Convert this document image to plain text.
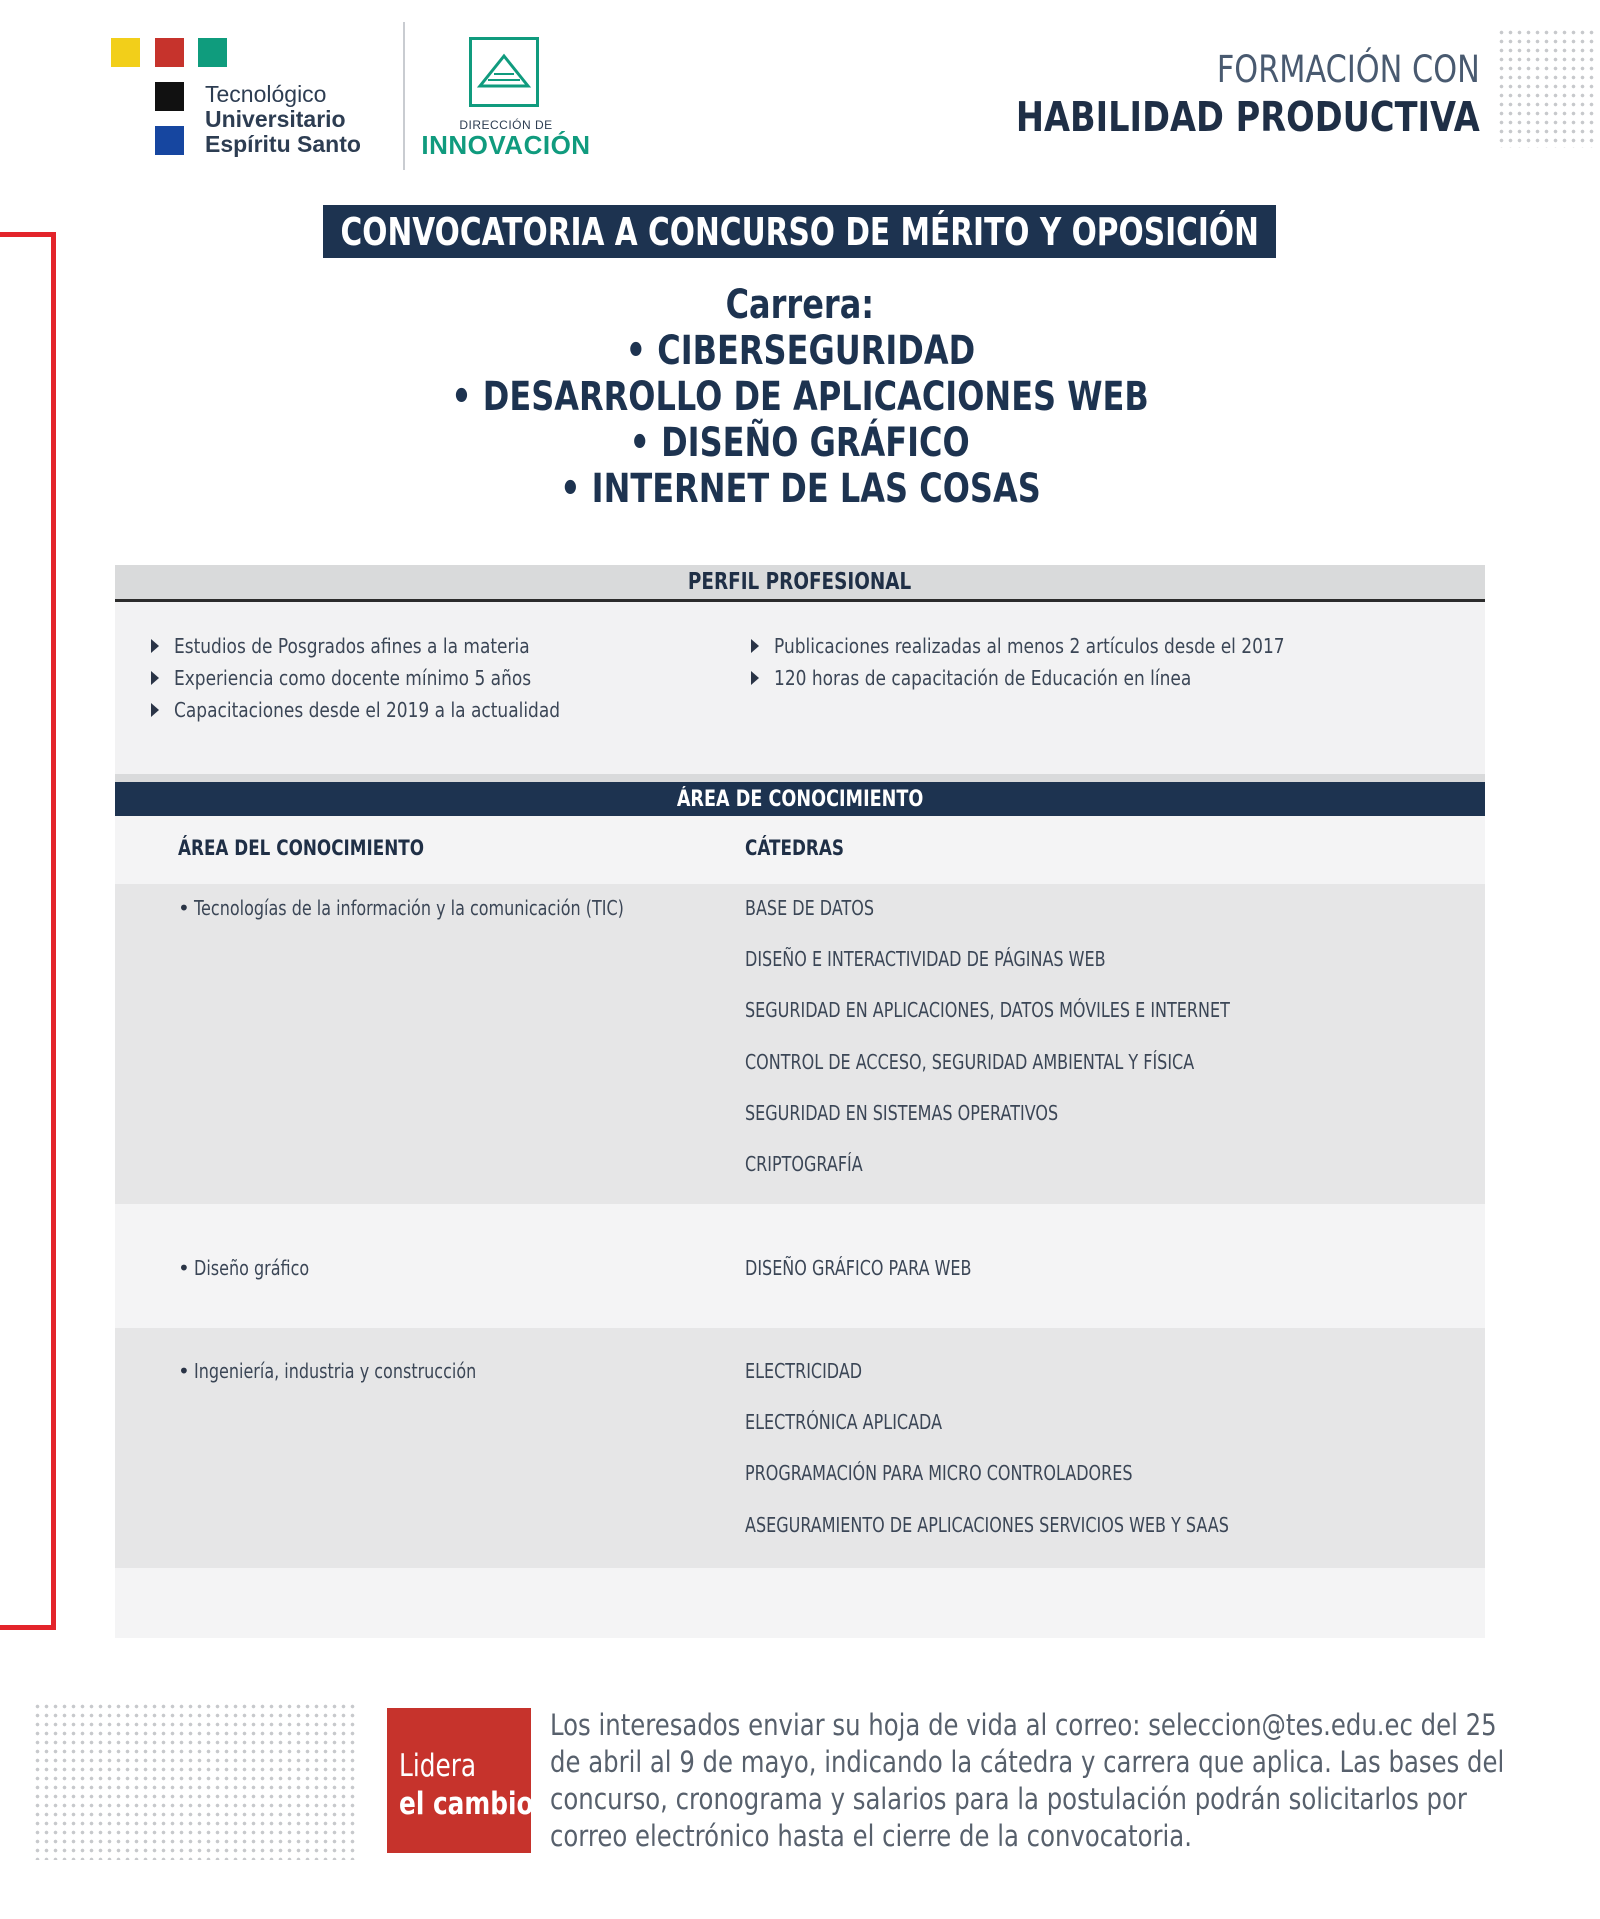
Tecnológico
Universitario
Espíritu Santo
DIRECCIÓN DE
INNOVACIÓN
FORMACIÓN CON
HABILIDAD PRODUCTIVA
CONVOCATORIA A CONCURSO DE MÉRITO Y OPOSICIÓN
Carrera:
• CIBERSEGURIDAD
• DESARROLLO DE APLICACIONES WEB
• DISEÑO GRÁFICO
• INTERNET DE LAS COSAS
PERFIL PROFESIONAL
Estudios de Posgrados afines a la materia
Experiencia como docente mínimo 5 años
Capacitaciones desde el 2019 a la actualidad
Publicaciones realizadas al menos 2 artículos desde el 2017
120 horas de capacitación de Educación en línea
ÁREA DE CONOCIMIENTO
ÁREA DEL CONOCIMIENTO	CÁTEDRAS
• Tecnologías de la información y la comunicación (TIC)	BASE DE DATOS
DISEÑO E INTERACTIVIDAD DE PÁGINAS WEB
SEGURIDAD EN APLICACIONES, DATOS MÓVILES E INTERNET
CONTROL DE ACCESO, SEGURIDAD AMBIENTAL Y FÍSICA
SEGURIDAD EN SISTEMAS OPERATIVOS
CRIPTOGRAFÍA
• Diseño gráfico	DISEÑO GRÁFICO PARA WEB
• Ingeniería, industria y construcción	ELECTRICIDAD
ELECTRÓNICA APLICADA
PROGRAMACIÓN PARA MICRO CONTROLADORES
ASEGURAMIENTO DE APLICACIONES SERVICIOS WEB Y SAAS
Lidera
el cambio
Los interesados enviar su hoja de vida al correo: seleccion@tes.edu.ec del 25
de abril al 9 de mayo, indicando la cátedra y carrera que aplica. Las bases del
concurso, cronograma y salarios para la postulación podrán solicitarlos por
correo electrónico hasta el cierre de la convocatoria.
